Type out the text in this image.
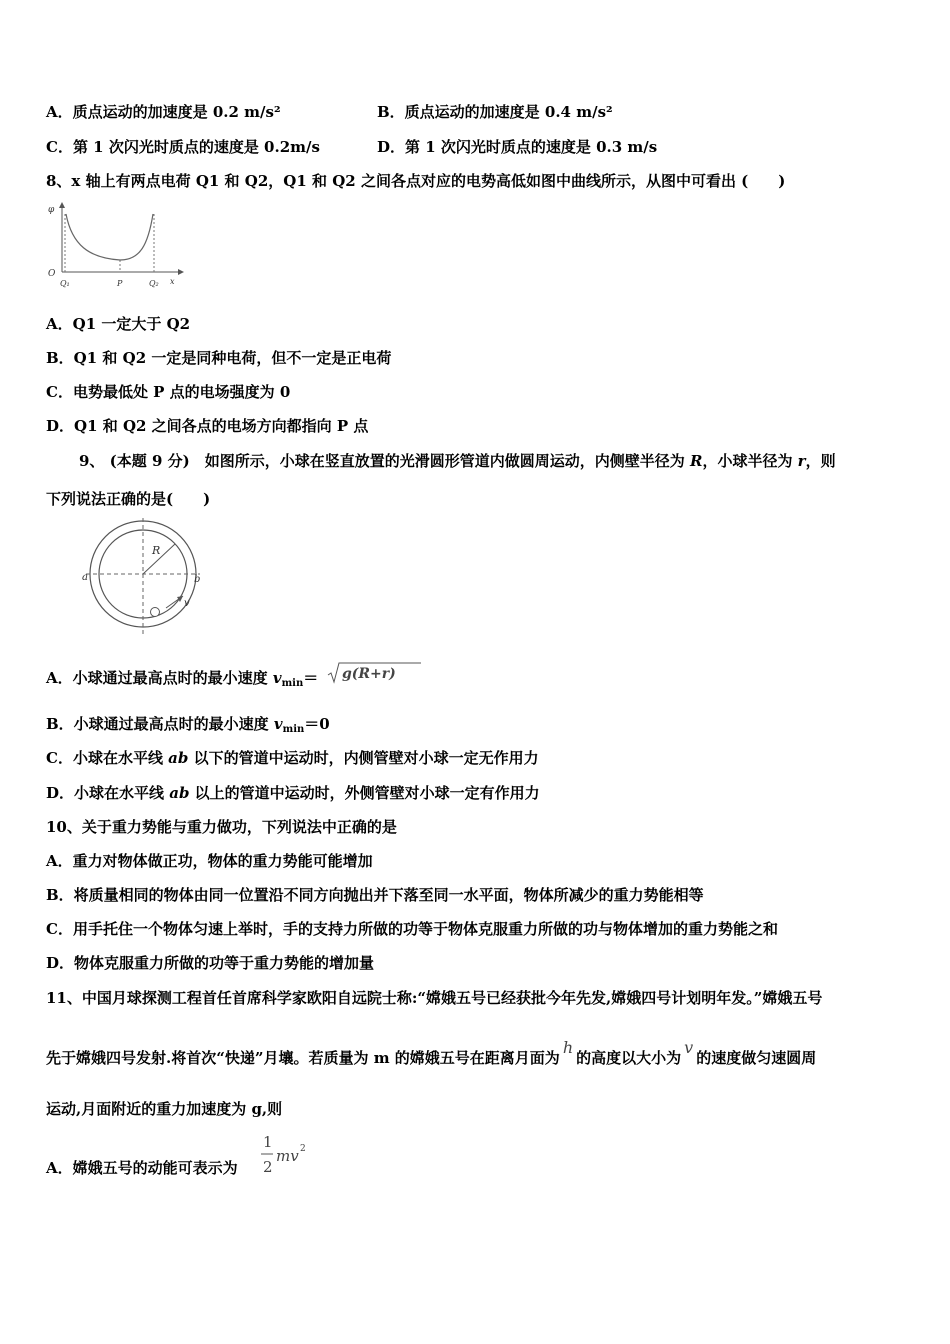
A．质点运动的加速度是 0.2 m/s²	B．质点运动的加速度是 0.4 m/s²
C．第 1 次闪光时质点的速度是 0.2m/s	D．第 1 次闪光时质点的速度是 0.3 m/s
8、x 轴上有两点电荷 Q1 和 Q2，Q1 和 Q2 之间各点对应的电势高低如图中曲线所示，从图中可看出 (　　)
φ
O
Q₁	P	Q₂ x
A．Q1 一定大于 Q2
B．Q1 和 Q2 一定是同种电荷，但不一定是正电荷
C．电势最低处 P 点的电场强度为 0
D．Q1 和 Q2 之间各点的电场方向都指向 P 点
9、 (本题 9 分)　如图所示，小球在竖直放置的光滑圆形管道内做圆周运动，内侧壁半径为 R，小球半径为 r，则
下列说法正确的是(　　)
R
a	b
v
A．小球通过最高点时的最小速度 $v_{min}= g(R+r)$
B．小球通过最高点时的最小速度 $v_{min}=0$
C．小球在水平线 ab 以下的管道中运动时，内侧管壁对小球一定无作用力
D．小球在水平线 ab 以上的管道中运动时，外侧管壁对小球一定有作用力
10、关于重力势能与重力做功，下列说法中正确的是
A．重力对物体做正功，物体的重力势能可能增加
B．将质量相同的物体由同一位置沿不同方向抛出并下落至同一水平面，物体所减少的重力势能相等
C．用手托住一个物体匀速上举时，手的支持力所做的功等于物体克服重力所做的功与物体增加的重力势能之和
D．物体克服重力所做的功等于重力势能的增加量
11、中国月球探测工程首任首席科学家欧阳自远院士称:“嫦娥五号已经获批今年先发,嫦娥四号计划明年发。”嫦娥五号
先于嫦娥四号发射.将首次“快递”月壤。若质量为 m 的嫦娥五号在距离月面为h的高度以大小为v的速度做匀速圆周
运动,月面附近的重力加速度为 g,则
A．嫦娥五号的动能可表示为
1
2
mv 2
